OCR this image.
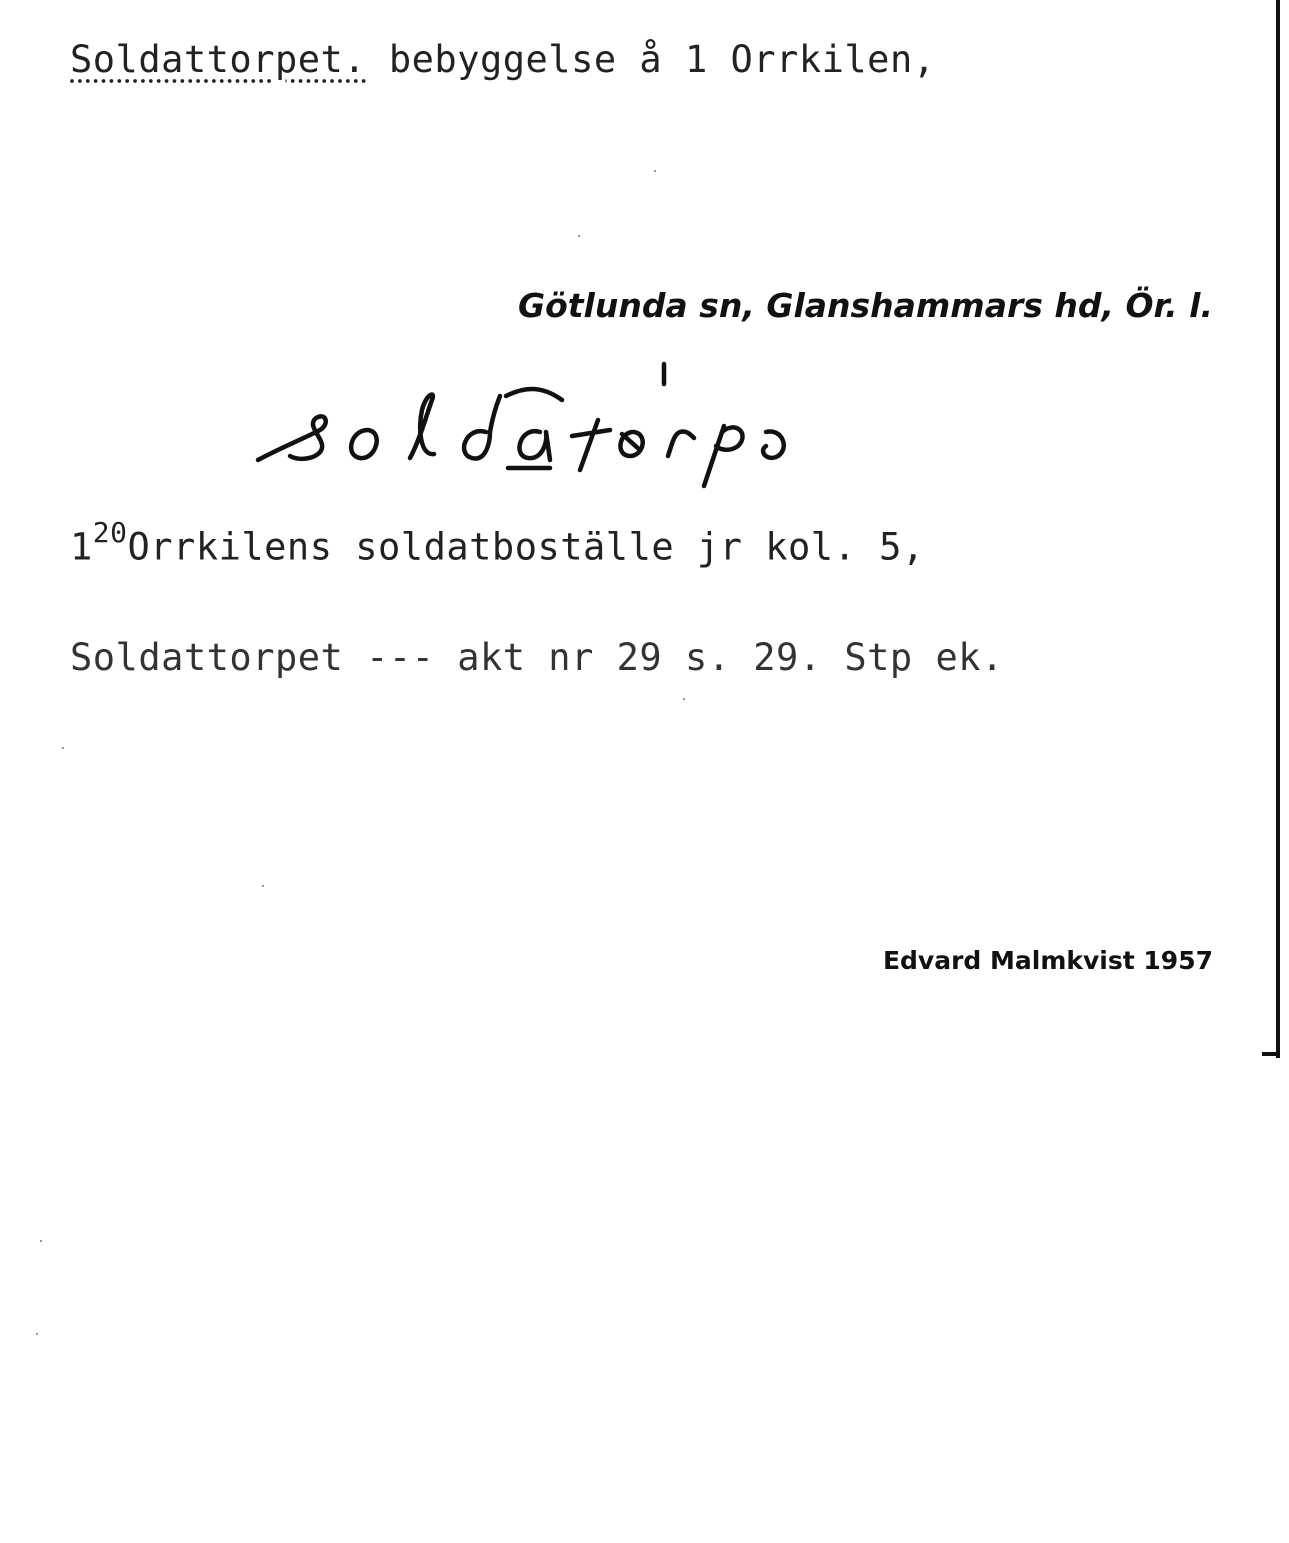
Soldattorpet. bebyggelse å 1 Orrkilen,
Götlunda sn, Glanshammars hd, Ör. l.
$1^{20}Orrkilens$ soldatboställe jr kol. 5,
Soldattorpet --- akt nr 29 s. 29. Stp ek.
Edvard Malmkvist 1957
